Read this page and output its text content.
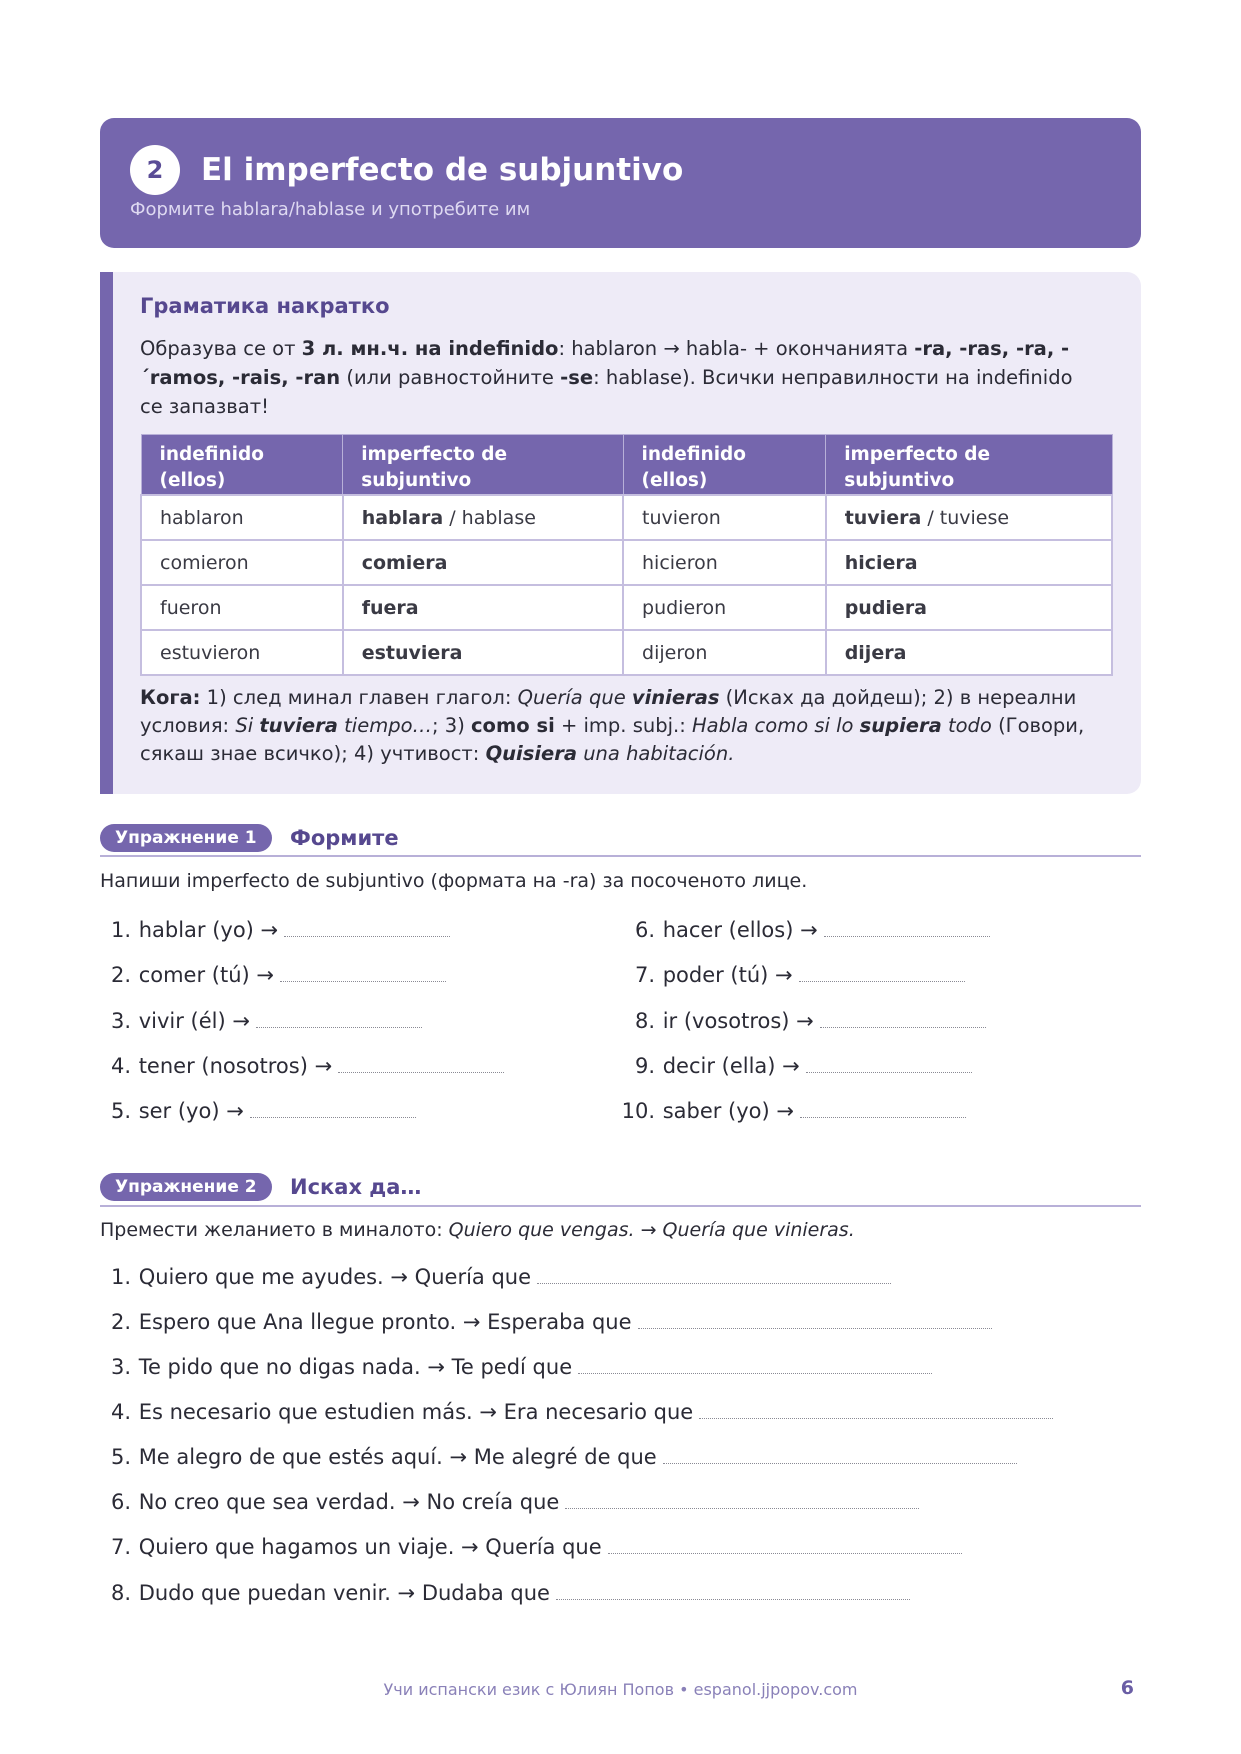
2	El imperfecto de subjuntivo
Формите hablara/hablase и употребите им
Граматика накратко
Образува се от 3 л. мн.ч. на indefinido: hablaron → habla- + окончанията -ra, -ras, -ra, -´ramos, -rais, -ran (или равностойните -se: hablase). Всички неправилности на indefinido се запазват!
indefinido (ellos)	imperfecto de subjuntivo	indefinido (ellos)	imperfecto de subjuntivo
hablaron	hablara / hablase	tuvieron	tuviera / tuviese
comieron	comiera	hicieron	hiciera
fueron	fuera	pudieron	pudiera
estuvieron	estuviera	dijeron	dijera
Кога: 1) след минал главен глагол: Quería que vinieras (Исках да дойдеш); 2) в нереални условия: Si tuviera tiempo…; 3) como si + imp. subj.: Habla como si lo supiera todo (Говори, сякаш знае всичко); 4) учтивост: Quisiera una habitación.
Упражнение 1	Формите
Напиши imperfecto de subjuntivo (формата на -ra) за посоченото лице.
1. hablar (yo) →
2. comer (tú) →
3. vivir (él) →
4. tener (nosotros) →
5. ser (yo) →
6. hacer (ellos) →
7. poder (tú) →
8. ir (vosotros) →
9. decir (ella) →
10. saber (yo) →
Упражнение 2	Исках да…
Премести желанието в миналото: Quiero que vengas. → Quería que vinieras.
1. Quiero que me ayudes. → Quería que
2. Espero que Ana llegue pronto. → Esperaba que
3. Te pido que no digas nada. → Te pedí que
4. Es necesario que estudien más. → Era necesario que
5. Me alegro de que estés aquí. → Me alegré de que
6. No creo que sea verdad. → No creía que
7. Quiero que hagamos un viaje. → Quería que
8. Dudo que puedan venir. → Dudaba que
Учи испански език с Юлиян Попов • espanol.jjpopov.com	6
